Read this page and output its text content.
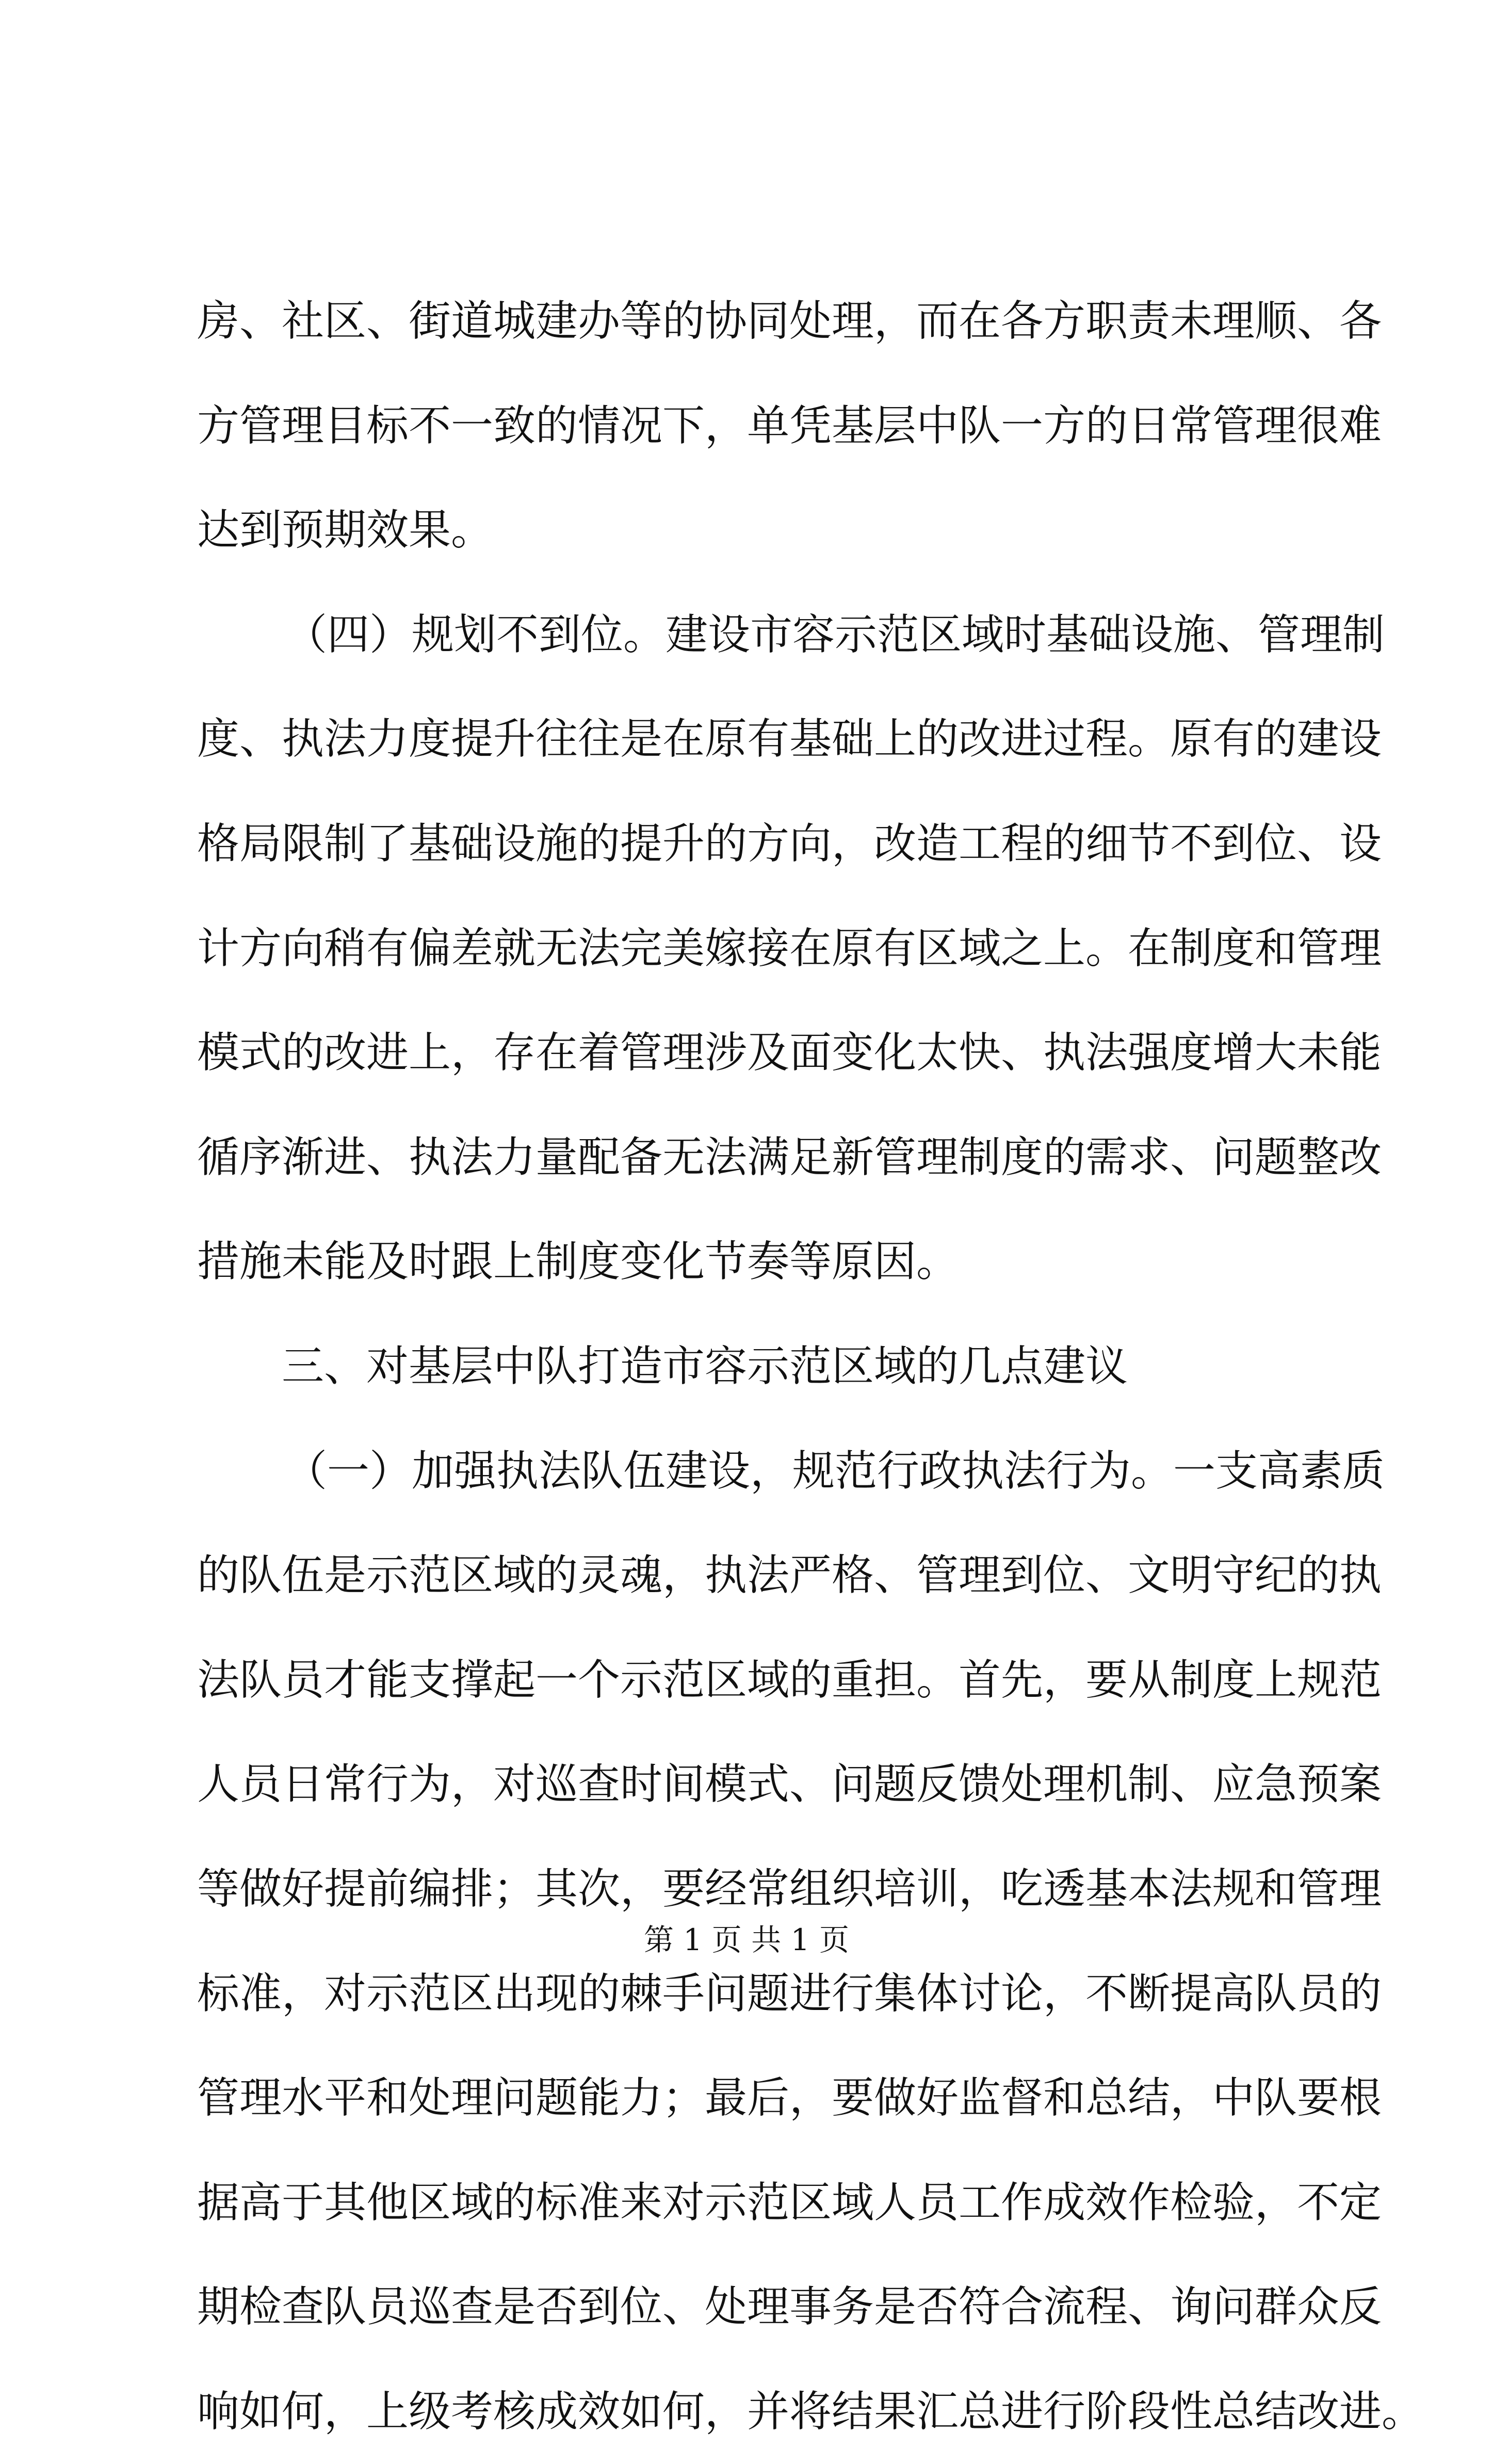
房、社区、街道城建办等的协同处理，而在各方职责未理顺、各
方管理目标不一致的情况下，单凭基层中队一方的日常管理很难
达到预期效果。
（四）规划不到位。建设市容示范区域时基础设施、管理制
度、执法力度提升往往是在原有基础上的改进过程。原有的建设
格局限制了基础设施的提升的方向，改造工程的细节不到位、设
计方向稍有偏差就无法完美嫁接在原有区域之上。在制度和管理
模式的改进上，存在着管理涉及面变化太快、执法强度增大未能
循序渐进、执法力量配备无法满足新管理制度的需求、问题整改
措施未能及时跟上制度变化节奏等原因。
三、对基层中队打造市容示范区域的几点建议
（一）加强执法队伍建设，规范行政执法行为。一支高素质
的队伍是示范区域的灵魂，执法严格、管理到位、文明守纪的执
法队员才能支撑起一个示范区域的重担。首先，要从制度上规范
人员日常行为，对巡查时间模式、问题反馈处理机制、应急预案
等做好提前编排；其次，要经常组织培训，吃透基本法规和管理
标准，对示范区出现的棘手问题进行集体讨论，不断提高队员的
管理水平和处理问题能力；最后，要做好监督和总结，中队要根
据高于其他区域的标准来对示范区域人员工作成效作检验，不定
期检查队员巡查是否到位、处理事务是否符合流程、询问群众反
响如何，上级考核成效如何，并将结果汇总进行阶段性总结改进。
第 1 页 共 1 页
